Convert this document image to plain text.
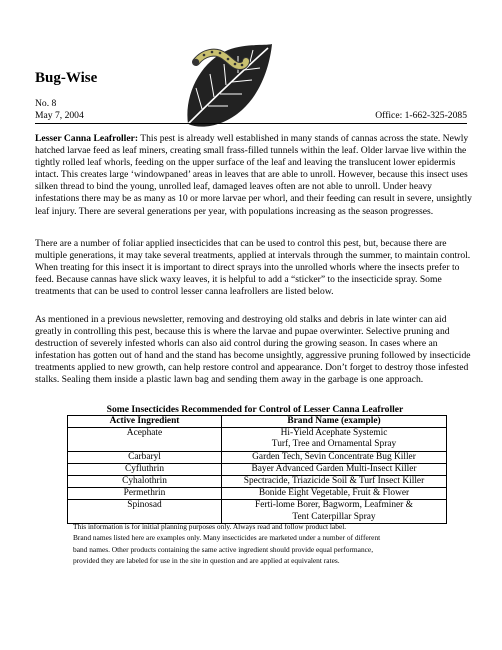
Bug-Wise
No. 8
May 7, 2004	Office: 1-662-325-2085

Lesser Canna Leafroller: This pest is already well established in many stands of cannas across the state. Newly hatched larvae feed as leaf miners, creating small frass-filled tunnels within the leaf. Older larvae live within the tightly rolled leaf whorls, feeding on the upper surface of the leaf and leaving the translucent lower epidermis intact. This creates large ‘windowpaned’ areas in leaves that are able to unroll. However, because this insect uses silken thread to bind the young, unrolled leaf, damaged leaves often are not able to unroll. Under heavy infestations there may be as many as 10 or more larvae per whorl, and their feeding can result in severe, unsightly leaf injury. There are several generations per year, with populations increasing as the season progresses.

There are a number of foliar applied insecticides that can be used to control this pest, but, because there are multiple generations, it may take several treatments, applied at intervals through the summer, to maintain control. When treating for this insect it is important to direct sprays into the unrolled whorls where the insects prefer to feed. Because cannas have slick waxy leaves, it is helpful to add a “sticker” to the insecticide spray. Some treatments that can be used to control lesser canna leafrollers are listed below.

As mentioned in a previous newsletter, removing and destroying old stalks and debris in late winter can aid greatly in controlling this pest, because this is where the larvae and pupae overwinter. Selective pruning and destruction of severely infested whorls can also aid control during the growing season. In cases where an infestation has gotten out of hand and the stand has become unsightly, aggressive pruning followed by insecticide treatments applied to new growth, can help restore control and appearance. Don’t forget to destroy those infested stalks. Sealing them inside a plastic lawn bag and sending them away in the garbage is one approach.

Some Insecticides Recommended for Control of Lesser Canna Leafroller
Active Ingredient	Brand Name (example)
Acephate	Hi-Yield Acephate Systemic
	Turf, Tree and Ornamental Spray
Carbaryl	Garden Tech, Sevin Concentrate Bug Killer
Cyfluthrin	Bayer Advanced Garden Multi-Insect Killer
Cyhalothrin	Spectracide, Triazicide Soil & Turf Insect Killer
Permethrin	Bonide Eight Vegetable, Fruit & Flower
Spinosad	Ferti-lome Borer, Bagworm, Leafminer &
	Tent Caterpillar Spray
This information is for initial planning purposes only. Always read and follow product label.
Brand names listed here are examples only. Many insecticides are marketed under a number of different
band names. Other products containing the same active ingredient should provide equal performance,
provided they are labeled for use in the site in question and are applied at equivalent rates.
